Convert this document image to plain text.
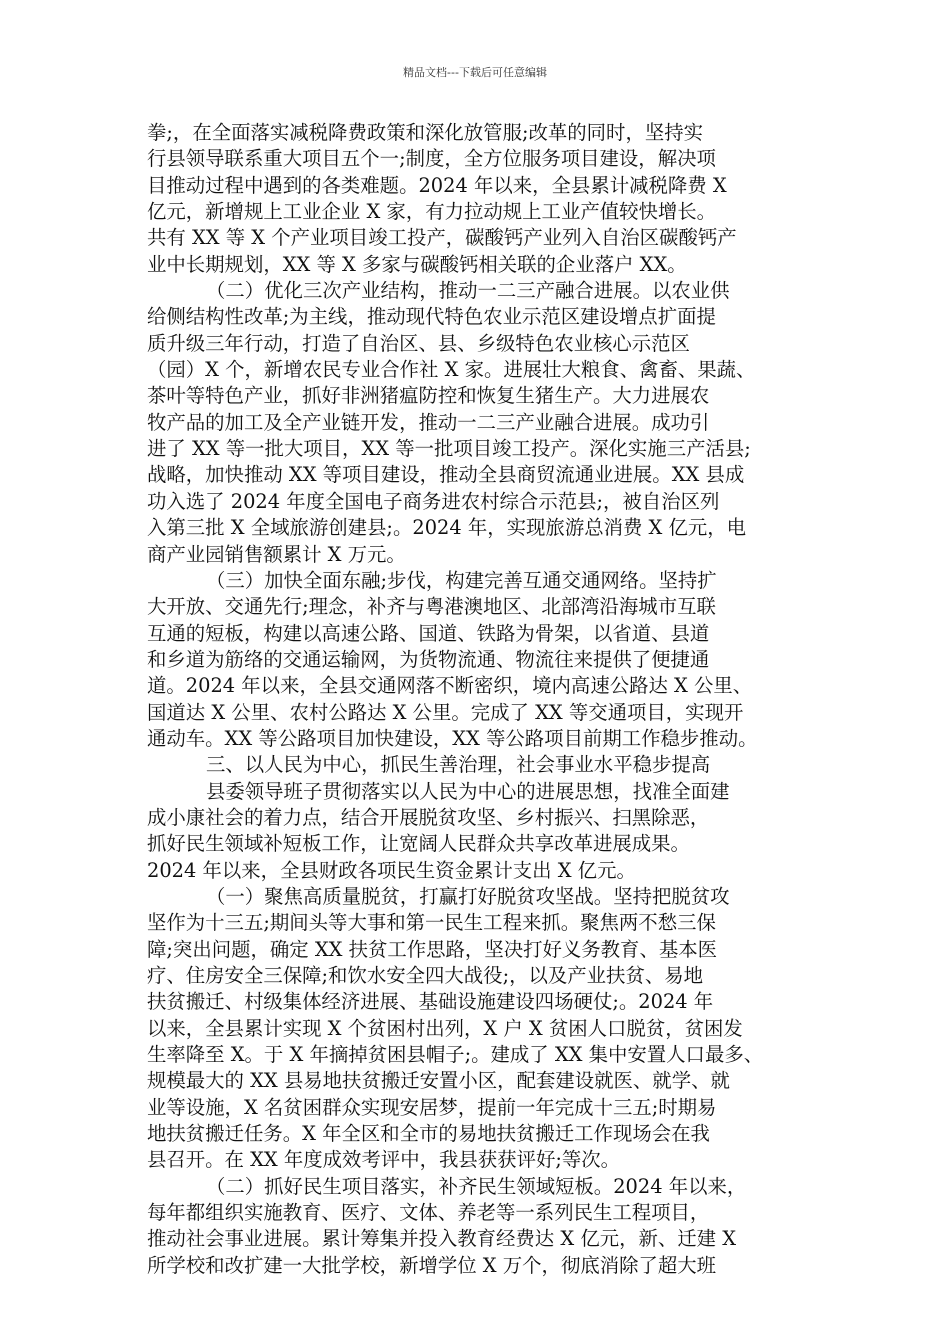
精品文档---下载后可任意编辑
拳;，在全面落实减税降费政策和深化放管服;改革的同时，坚持实
行县领导联系重大项目五个一;制度，全方位服务项目建设，解决项
目推动过程中遇到的各类难题。2024 年以来，全县累计减税降费 X
亿元，新增规上工业企业 X 家，有力拉动规上工业产值较快增长。
共有 XX 等 X 个产业项目竣工投产，碳酸钙产业列入自治区碳酸钙产
业中长期规划，XX 等 X 多家与碳酸钙相关联的企业落户 XX。
（二）优化三次产业结构，推动一二三产融合进展。以农业供
给侧结构性改革;为主线，推动现代特色农业示范区建设增点扩面提
质升级三年行动，打造了自治区、县、乡级特色农业核心示范区
（园）X 个，新增农民专业合作社 X 家。进展壮大粮食、禽畜、果蔬、
茶叶等特色产业，抓好非洲猪瘟防控和恢复生猪生产。大力进展农
牧产品的加工及全产业链开发，推动一二三产业融合进展。成功引
进了 XX 等一批大项目，XX 等一批项目竣工投产。深化实施三产活县;
战略，加快推动 XX 等项目建设，推动全县商贸流通业进展。XX 县成
功入选了 2024 年度全国电子商务进农村综合示范县;，被自治区列
入第三批 X 全域旅游创建县;。2024 年，实现旅游总消费 X 亿元，电
商产业园销售额累计 X 万元。
（三）加快全面东融;步伐，构建完善互通交通网络。坚持扩
大开放、交通先行;理念，补齐与粤港澳地区、北部湾沿海城市互联
互通的短板，构建以高速公路、国道、铁路为骨架，以省道、县道
和乡道为筋络的交通运输网，为货物流通、物流往来提供了便捷通
道。2024 年以来，全县交通网落不断密织，境内高速公路达 X 公里、
国道达 X 公里、农村公路达 X 公里。完成了 XX 等交通项目，实现开
通动车。XX 等公路项目加快建设，XX 等公路项目前期工作稳步推动。
三、以人民为中心，抓民生善治理，社会事业水平稳步提高
县委领导班子贯彻落实以人民为中心的进展思想，找准全面建
成小康社会的着力点，结合开展脱贫攻坚、乡村振兴、扫黑除恶，
抓好民生领域补短板工作，让宽阔人民群众共享改革进展成果。
2024 年以来，全县财政各项民生资金累计支出 X 亿元。
（一）聚焦高质量脱贫，打赢打好脱贫攻坚战。坚持把脱贫攻
坚作为十三五;期间头等大事和第一民生工程来抓。聚焦两不愁三保
障;突出问题，确定 XX 扶贫工作思路，坚决打好义务教育、基本医
疗、住房安全三保障;和饮水安全四大战役;，以及产业扶贫、易地
扶贫搬迁、村级集体经济进展、基础设施建设四场硬仗;。2024 年
以来，全县累计实现 X 个贫困村出列，X 户 X 贫困人口脱贫，贫困发
生率降至 X。于 X 年摘掉贫困县帽子;。建成了 XX 集中安置人口最多、
规模最大的 XX 县易地扶贫搬迁安置小区，配套建设就医、就学、就
业等设施，X 名贫困群众实现安居梦，提前一年完成十三五;时期易
地扶贫搬迁任务。X 年全区和全市的易地扶贫搬迁工作现场会在我
县召开。在 XX 年度成效考评中，我县获获评好;等次。
（二）抓好民生项目落实，补齐民生领域短板。2024 年以来，
每年都组织实施教育、医疗、文体、养老等一系列民生工程项目，
推动社会事业进展。累计筹集并投入教育经费达 X 亿元，新、迁建 X
所学校和改扩建一大批学校，新增学位 X 万个，彻底消除了超大班
